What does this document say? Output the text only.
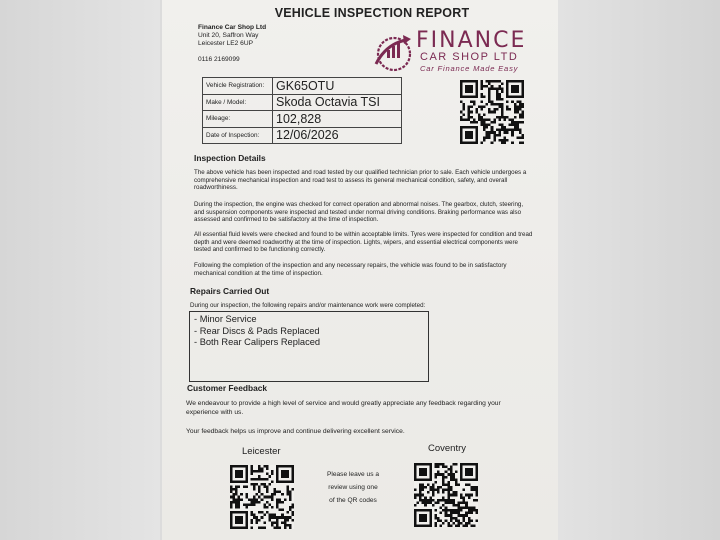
VEHICLE INSPECTION REPORT
Finance Car Shop Ltd
Unit 20, Saffron Way
Leicester LE2 6UP
0116 2169099
FINANCE
CAR SHOP LTD
Car Finance Made Easy
Vehicle Registration:	GK65OTU
Make / Model:	Skoda Octavia TSI
Mileage:	102,828
Date of Inspection:	12/06/2026
Inspection Details
The above vehicle has been inspected and road tested by our qualified technician prior to sale. Each vehicle undergoes a comprehensive mechanical inspection and road test to assess its general mechanical condition, safety, and overall roadworthiness.
During the inspection, the engine was checked for correct operation and abnormal noises. The gearbox, clutch, steering, and suspension components were inspected and tested under normal driving conditions. Braking performance was also assessed and confirmed to be satisfactory at the time of inspection.
All essential fluid levels were checked and found to be within acceptable limits. Tyres were inspected for condition and tread depth and were deemed roadworthy at the time of inspection. Lights, wipers, and essential electrical components were tested and confirmed to be functioning correctly.
Following the completion of the inspection and any necessary repairs, the vehicle was found to be in satisfactory mechanical condition at the time of inspection.
Repairs Carried Out
During our inspection, the following repairs and/or maintenance work were completed:
- Minor Service
- Rear Discs & Pads Replaced
- Both Rear Calipers Replaced
Customer Feedback
We endeavour to provide a high level of service and would greatly appreciate any feedback regarding your experience with us.
Your feedback helps us improve and continue delivering excellent service.
Leicester	Coventry
Please leave us a
review using one
of the QR codes
